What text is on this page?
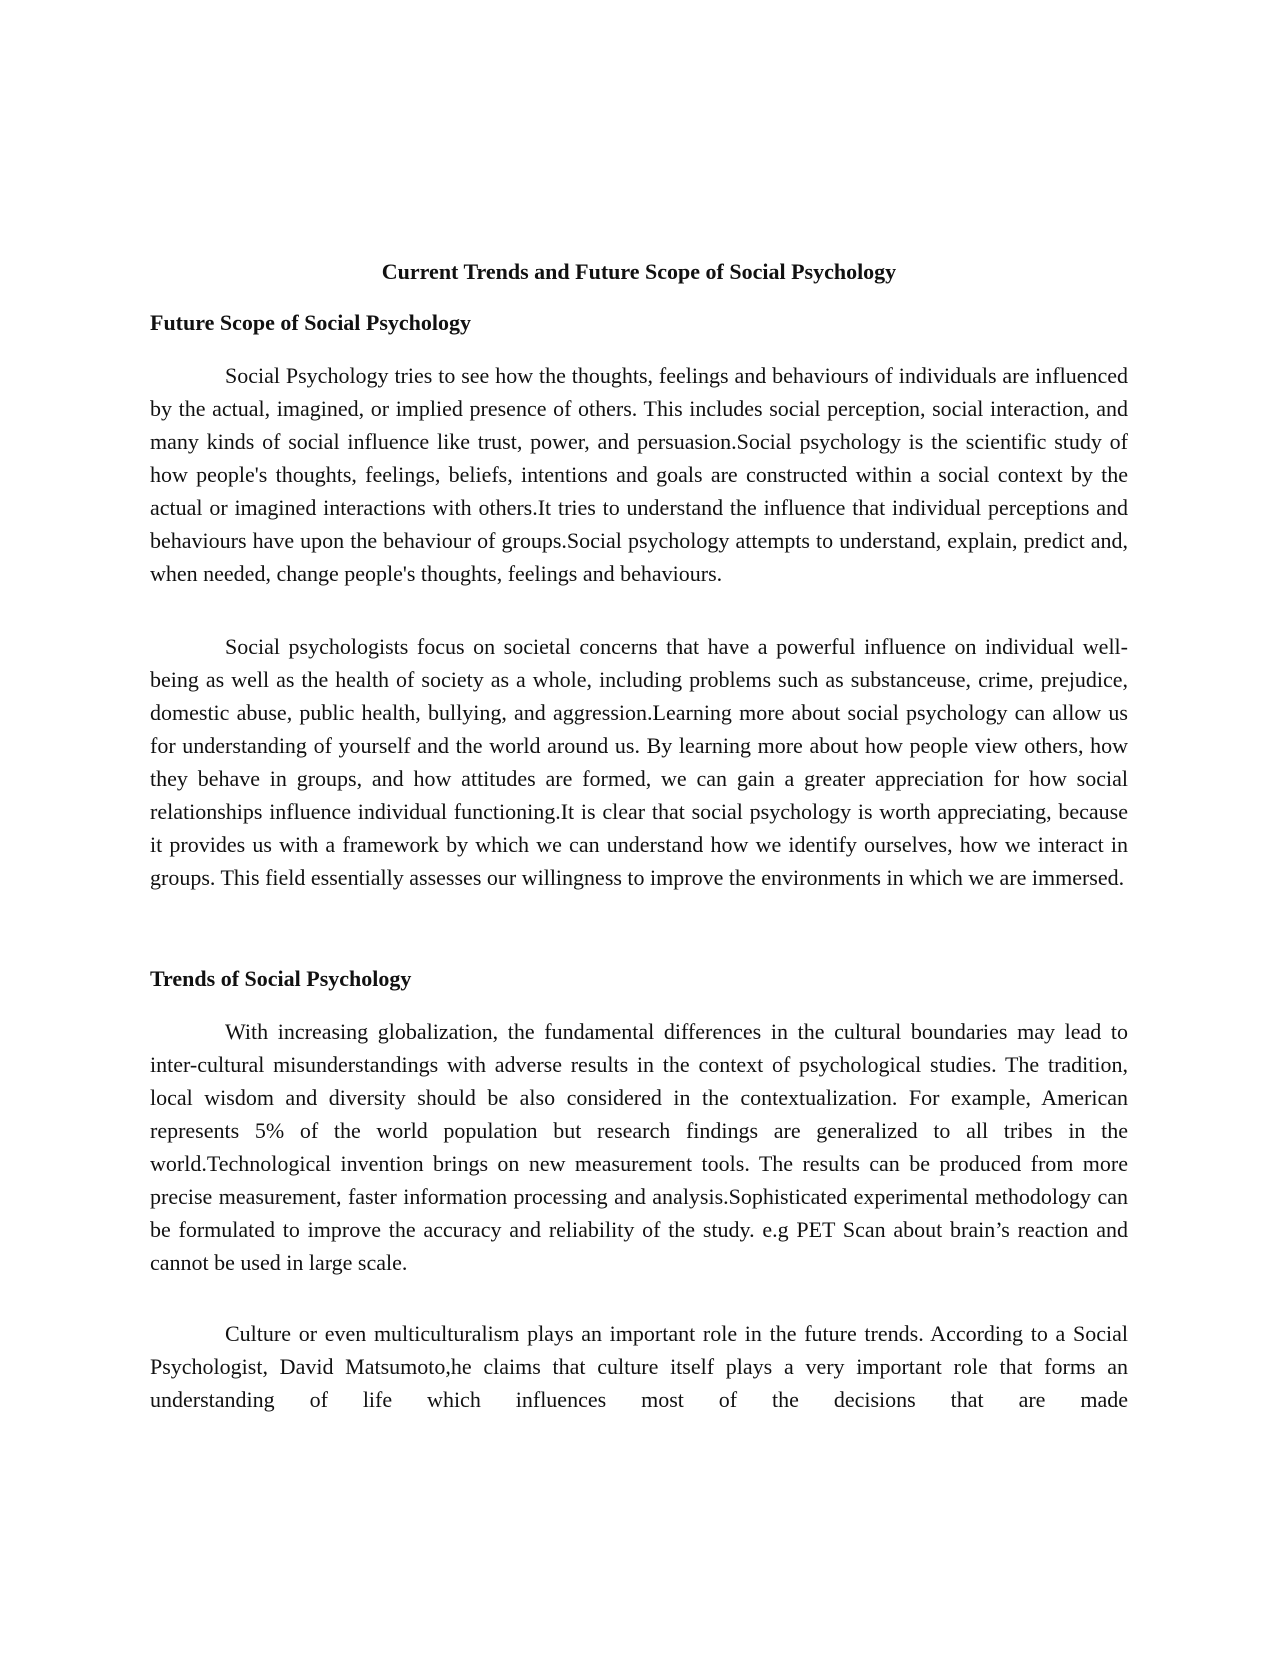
Current Trends and Future Scope of Social Psychology
Future Scope of Social Psychology

Social Psychology tries to see how the thoughts, feelings and behaviours of individuals are influenced by the actual, imagined, or implied presence of others. This includes social perception, social interaction, and many kinds of social influence like trust, power, and persuasion.Social psychology is the scientific study of how people's thoughts, feelings, beliefs, intentions and goals are constructed within a social context by the actual or imagined interactions with others.It tries to understand the influence that individual perceptions and behaviours have upon the behaviour of groups.Social psychology attempts to understand, explain, predict and, when needed, change people's thoughts, feelings and behaviours.

Social psychologists focus on societal concerns that have a powerful influence on individual well-being as well as the health of society as a whole, including problems such as substanceuse, crime, prejudice, domestic abuse, public health, bullying, and aggression.Learning more about social psychology can allow us for understanding of yourself and the world around us. By learning more about how people view others, how they behave in groups, and how attitudes are formed, we can gain a greater appreciation for how social relationships influence individual functioning.It is clear that social psychology is worth appreciating, because it provides us with a framework by which we can understand how we identify ourselves, how we interact in groups. This field essentially assesses our willingness to improve the environments in which we are immersed.

Trends of Social Psychology

With increasing globalization, the fundamental differences in the cultural boundaries may lead to inter-cultural misunderstandings with adverse results in the context of psychological studies. The tradition, local wisdom and diversity should be also considered in the contextualization. For example, American represents 5% of the world population but research findings are generalized to all tribes in the world.Technological invention brings on new measurement tools. The results can be produced from more precise measurement, faster information processing and analysis.Sophisticated experimental methodology can be formulated to improve the accuracy and reliability of the study. e.g PET Scan about brain’s reaction and cannot be used in large scale.

Culture or even multiculturalism plays an important role in the future trends. According to a Social Psychologist, David Matsumoto,he claims that culture itself plays a very important role that forms an understanding of life which influences most of the decisions that are made
